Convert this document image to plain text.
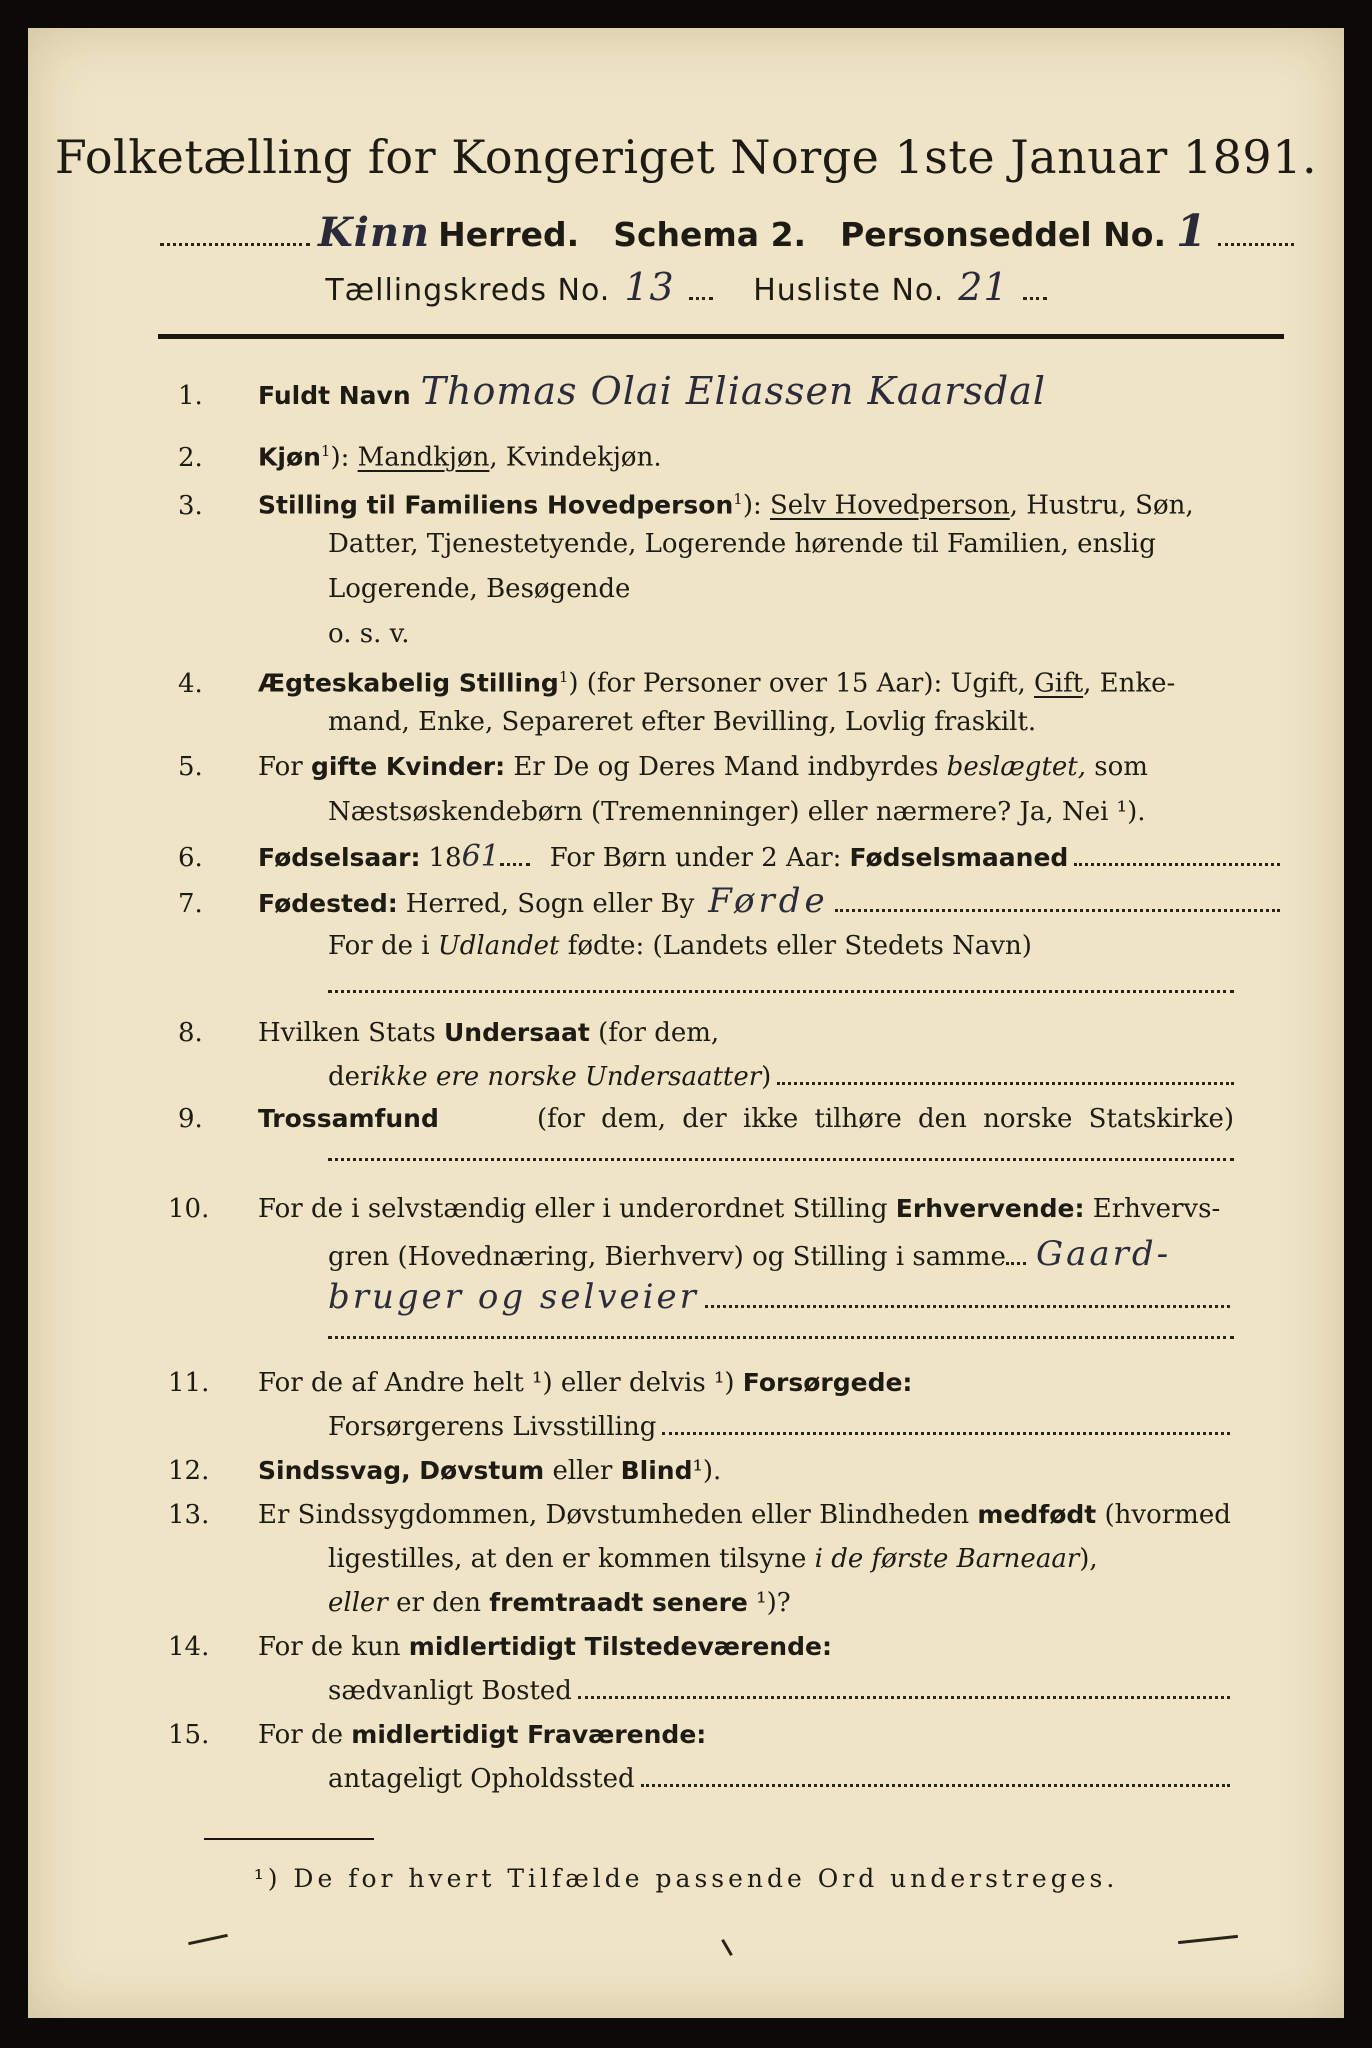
Folketælling for Kongeriget Norge 1ste Januar 1891.
Kinn Herred. Schema 2. Personseddel No. 1
Tællingskreds No. 13	Husliste No. 21
1.	Fuldt Navn Thomas Olai Eliassen Kaarsdal
2. Kjøn$^1$): Mandkjøn, Kvindekjøn.
3. Stilling til Familiens Hovedperson$^1$): Selv Hovedperson, Hustru, Søn,
Datter, Tjenestetyende, Logerende hørende til Familien, enslig
Logerende, Besøgende
o. s. v.
4. Ægteskabelig Stilling$^1$) (for Personer over 15 Aar): Ugift, Gift, Enke-
mand, Enke, Separeret efter Bevilling, Lovlig fraskilt.
5. For gifte Kvinder: Er De og Deres Mand indbyrdes beslægtet, som
Næstsøskendebørn (Tremenninger) eller nærmere? Ja, Nei ¹).
6.	Fødselsaar: 18 61 For Børn under 2 Aar: Fødselsmaaned
7.	Fødested: Herred, Sogn eller By Førde
For de i Udlandet fødte: (Landets eller Stedets Navn)
8. Hvilken Stats Undersaat (for dem,
der ikke ere norske Undersaatter )
9. Trossamfund	(for dem, der ikke tilhøre den norske Statskirke)
10. For de i selvstændig eller i underordnet Stilling Erhvervende: Erhvervs-
gren (Hovednæring, Bierhverv) og Stilling i samme Gaard-
bruger og selveier
11. For de af Andre helt ¹) eller delvis ¹) Forsørgede:
Forsørgerens Livsstilling
12. Sindssvag, Døvstum eller Blind¹).
13. Er Sindssygdommen, Døvstumheden eller Blindheden medfødt (hvormed
ligestilles, at den er kommen tilsyne i de første Barneaar),
eller er den fremtraadt senere ¹)?
14. For de kun midlertidigt Tilstedeværende:
sædvanligt Bosted
15. For de midlertidigt Fraværende:
antageligt Opholdssted
¹) De for hvert Tilfælde passende Ord understreges.
